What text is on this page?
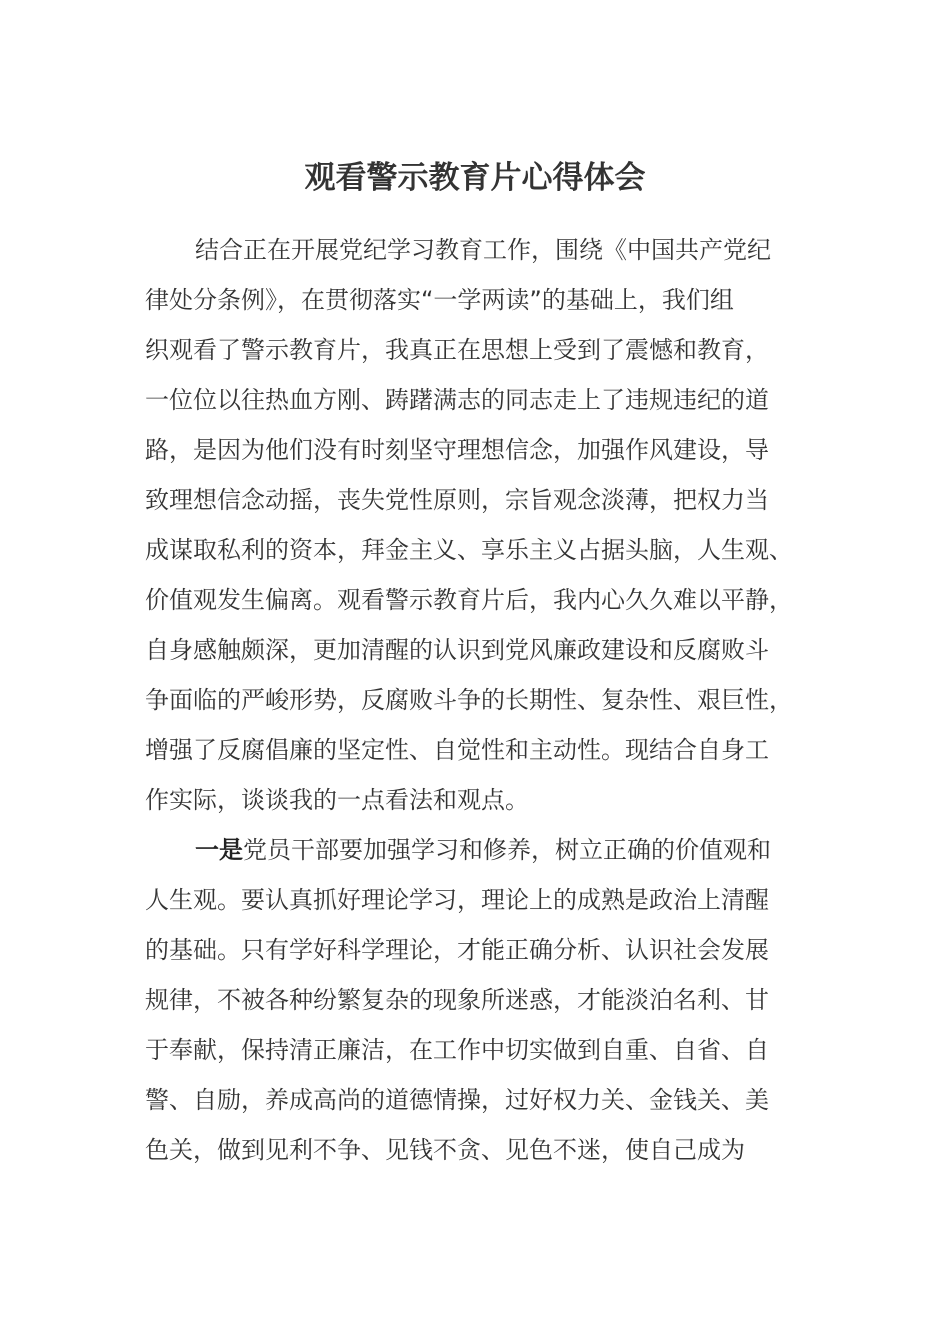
观看警示教育片心得体会
结合正在开展党纪学习教育工作，围绕《中国共产党纪
律处分条例》，在贯彻落实“一学两读”的基础上，我们组
织观看了警示教育片，我真正在思想上受到了震憾和教育，
一位位以往热血方刚、踌躇满志的同志走上了违规违纪的道
路，是因为他们没有时刻坚守理想信念，加强作风建设，导
致理想信念动摇，丧失党性原则，宗旨观念淡薄，把权力当
成谋取私利的资本，拜金主义、享乐主义占据头脑，人生观、
价值观发生偏离。观看警示教育片后，我内心久久难以平静，
自身感触颇深，更加清醒的认识到党风廉政建设和反腐败斗
争面临的严峻形势，反腐败斗争的长期性、复杂性、艰巨性，
增强了反腐倡廉的坚定性、自觉性和主动性。现结合自身工
作实际，谈谈我的一点看法和观点。
一是党员干部要加强学习和修养，树立正确的价值观和
人生观。要认真抓好理论学习，理论上的成熟是政治上清醒
的基础。只有学好科学理论，才能正确分析、认识社会发展
规律，不被各种纷繁复杂的现象所迷惑，才能淡泊名利、甘
于奉献，保持清正廉洁，在工作中切实做到自重、自省、自
警、自励，养成高尚的道德情操，过好权力关、金钱关、美
色关，做到见利不争、见钱不贪、见色不迷，使自己成为
